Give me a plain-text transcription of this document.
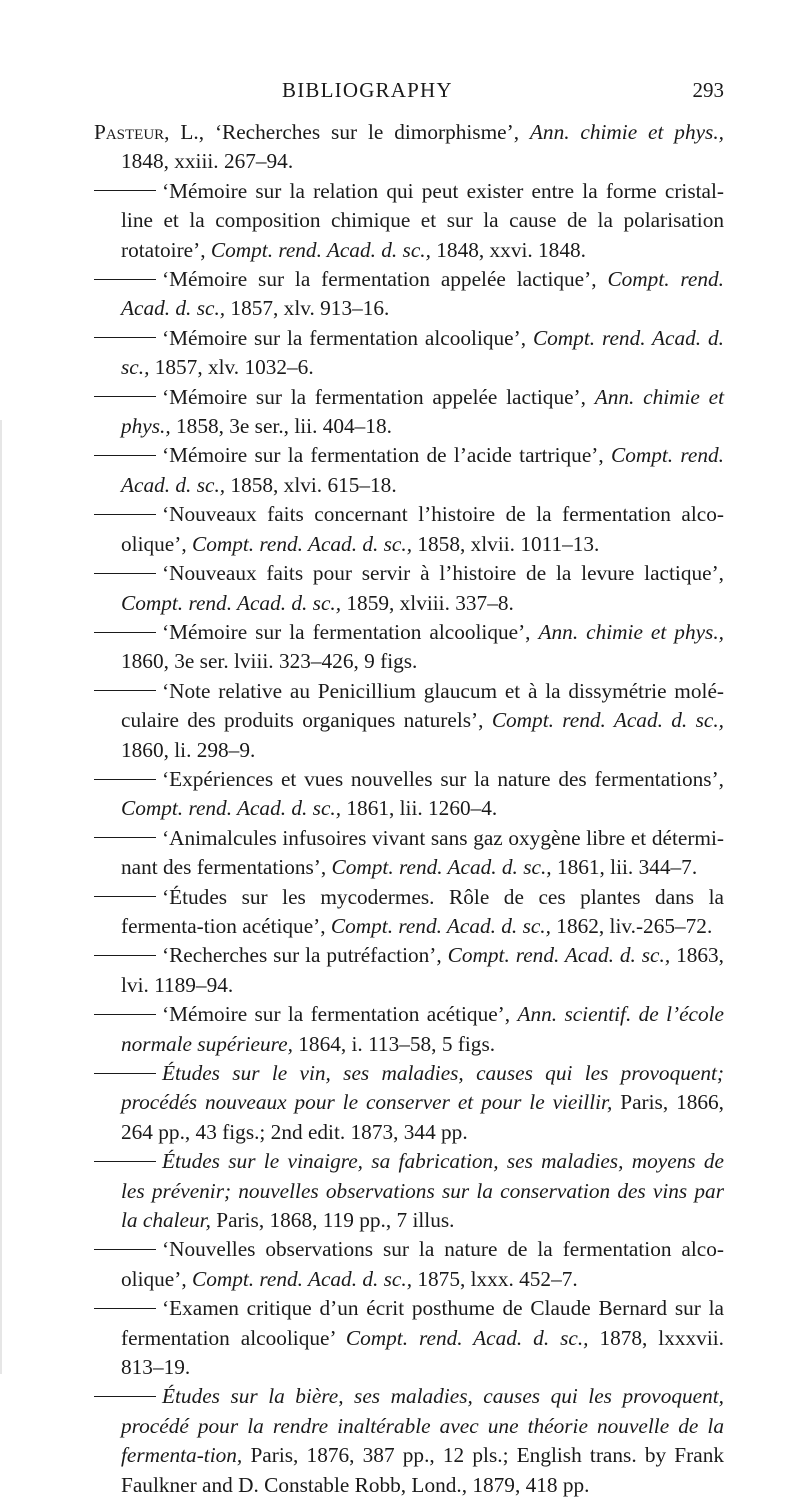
BIBLIOGRAPHY	293
Pasteur, L., ‘Recherches sur le dimorphisme’, Ann. chimie et phys., 1848, xxiii. 267–94.
‘Mémoire sur la relation qui peut exister entre la forme cristal-line et la composition chimique et sur la cause de la polarisation rotatoire’, Compt. rend. Acad. d. sc., 1848, xxvi. 1848.
‘Mémoire sur la fermentation appelée lactique’, Compt. rend. Acad. d. sc., 1857, xlv. 913–16.
‘Mémoire sur la fermentation alcoolique’, Compt. rend. Acad. d. sc., 1857, xlv. 1032–6.
‘Mémoire sur la fermentation appelée lactique’, Ann. chimie et phys., 1858, 3e ser., lii. 404–18.
‘Mémoire sur la fermentation de l’acide tartrique’, Compt. rend. Acad. d. sc., 1858, xlvi. 615–18.
‘Nouveaux faits concernant l’histoire de la fermentation alco-olique’, Compt. rend. Acad. d. sc., 1858, xlvii. 1011–13.
‘Nouveaux faits pour servir à l’histoire de la levure lactique’, Compt. rend. Acad. d. sc., 1859, xlviii. 337–8.
‘Mémoire sur la fermentation alcoolique’, Ann. chimie et phys., 1860, 3e ser. lviii. 323–426, 9 figs.
‘Note relative au Penicillium glaucum et à la dissymétrie molé-culaire des produits organiques naturels’, Compt. rend. Acad. d. sc., 1860, li. 298–9.
‘Expériences et vues nouvelles sur la nature des fermentations’, Compt. rend. Acad. d. sc., 1861, lii. 1260–4.
‘Animalcules infusoires vivant sans gaz oxygène libre et détermi-nant des fermentations’, Compt. rend. Acad. d. sc., 1861, lii. 344–7.
‘Études sur les mycodermes. Rôle de ces plantes dans la fermenta-tion acétique’, Compt. rend. Acad. d. sc., 1862, liv.-265–72.
‘Recherches sur la putréfaction’, Compt. rend. Acad. d. sc., 1863, lvi. 1189–94.
‘Mémoire sur la fermentation acétique’, Ann. scientif. de l’école normale supérieure, 1864, i. 113–58, 5 figs.
Études sur le vin, ses maladies, causes qui les provoquent; procédés nouveaux pour le conserver et pour le vieillir, Paris, 1866, 264 pp., 43 figs.; 2nd edit. 1873, 344 pp.
Études sur le vinaigre, sa fabrication, ses maladies, moyens de les prévenir; nouvelles observations sur la conservation des vins par la chaleur, Paris, 1868, 119 pp., 7 illus.
‘Nouvelles observations sur la nature de la fermentation alco-olique’, Compt. rend. Acad. d. sc., 1875, lxxx. 452–7.
‘Examen critique d’un écrit posthume de Claude Bernard sur la fermentation alcoolique’ Compt. rend. Acad. d. sc., 1878, lxxxvii. 813–19.
Études sur la bière, ses maladies, causes qui les provoquent, procédé pour la rendre inaltérable avec une théorie nouvelle de la fermenta-tion, Paris, 1876, 387 pp., 12 pls.; English trans. by Frank Faulkner and D. Constable Robb, Lond., 1879, 418 pp.
